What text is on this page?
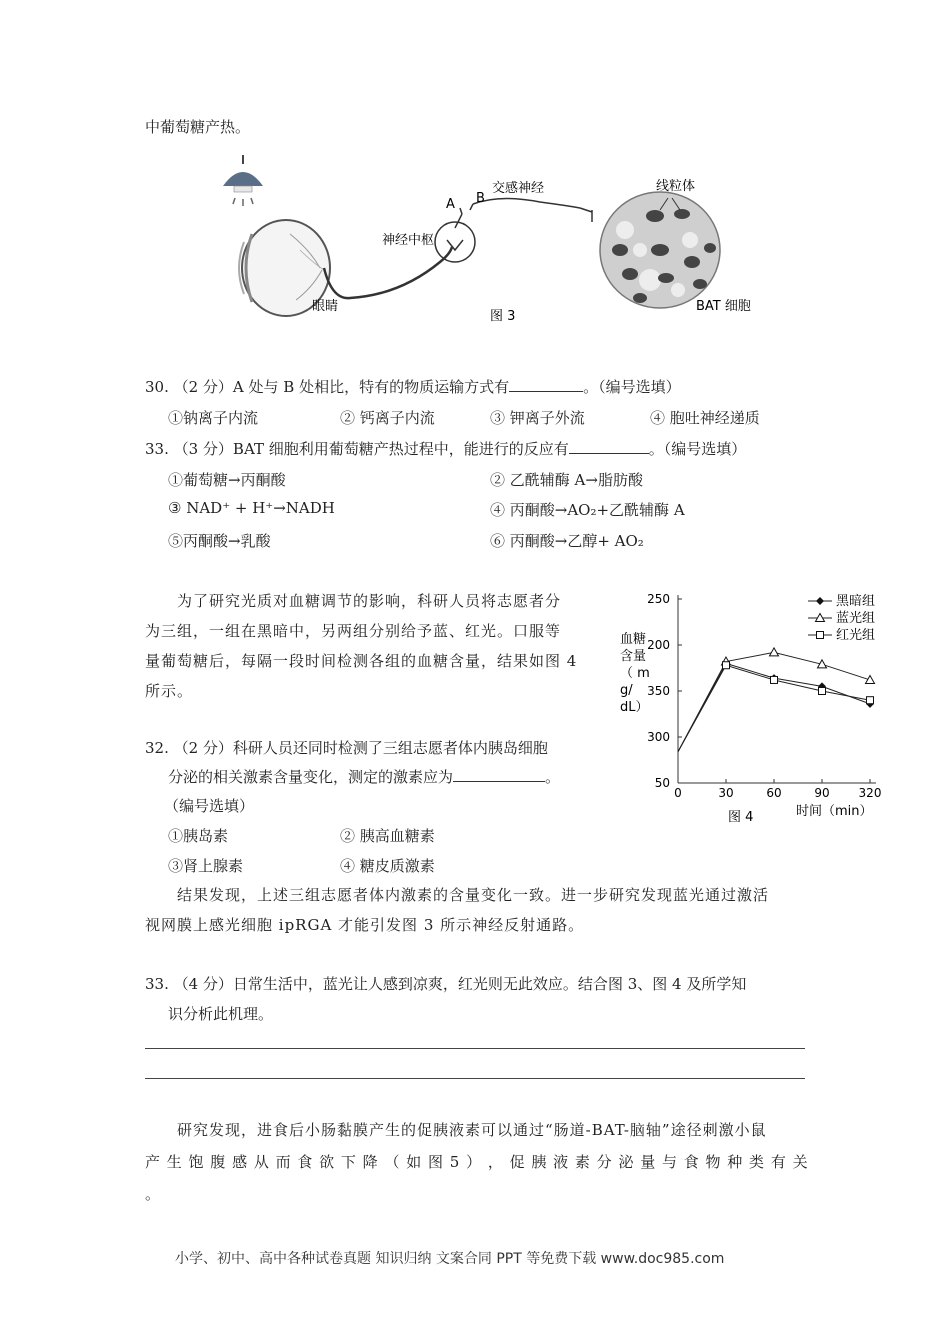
中葡萄糖产热。
A B
交感神经
神经中枢
眼睛
线粒体
BAT 细胞
图 3
30. （2 分）A 处与 B 处相比，特有的物质运输方式有	。（编号选填）
①钠离子内流	② 钙离子内流	③ 钾离子外流	④ 胞吐神经递质
33. （3 分）BAT 细胞利用葡萄糖产热过程中，能进行的反应有	。（编号选填）
①葡萄糖→丙酮酸	② 乙酰辅酶 A→脂肪酸
③ NAD⁺ + H⁺→NADH	④ 丙酮酸→AO₂+乙酰辅酶 A
⑤丙酮酸→乳酸	⑥ 丙酮酸→乙醇+ AO₂
为了研究光质对血糖调节的影响，科研人员将志愿者分
为三组，一组在黑暗中，另两组分别给予蓝、红光。口服等
量葡萄糖后，每隔一段时间检测各组的血糖含量，结果如图 4
所示。
0	30	60	90 320
50
300
350
200
250
血糖
含量
（ m
g/
dL）
时间（min）
图 4
黑暗组
蓝光组
红光组
32. （2 分）科研人员还同时检测了三组志愿者体内胰岛细胞
分泌的相关激素含量变化，测定的激素应为	。
（编号选填）
①胰岛素	② 胰高血糖素
③肾上腺素	④ 糖皮质激素
结果发现，上述三组志愿者体内激素的含量变化一致。进一步研究发现蓝光通过激活
视网膜上感光细胞 ipRGA 才能引发图 3 所示神经反射通路。
33. （4 分）日常生活中，蓝光让人感到凉爽，红光则无此效应。结合图 3、图 4 及所学知
识分析此机理。
研究发现，进食后小肠黏膜产生的促胰液素可以通过“肠道-BAT-脑轴”途径刺激小鼠
产 生 饱 腹 感 从 而 食 欲 下 降 （ 如 图 5 ） ， 促 胰 液 素 分 泌 量 与 食 物 种 类 有 关 。
小学、初中、高中各种试卷真题 知识归纳 文案合同 PPT 等免费下载 www.doc985.com
